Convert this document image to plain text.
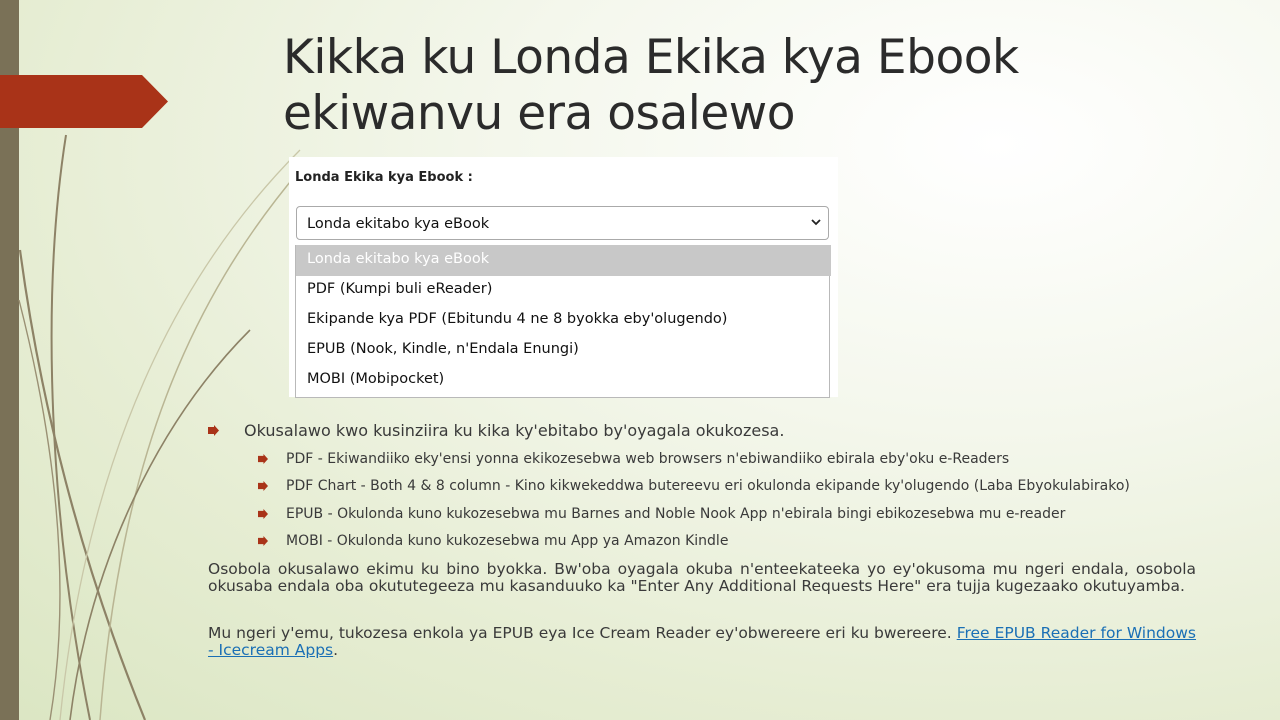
Kikka ku Londa Ekika kya Ebook
ekiwanvu era osalewo
Londa Ekika kya Ebook :
Londa ekitabo kya eBook
Londa ekitabo kya eBook
PDF (Kumpi buli eReader)
Ekipande kya PDF (Ebitundu 4 ne 8 byokka eby'olugendo)
EPUB (Nook, Kindle, n'Endala Enungi)
MOBI (Mobipocket)
Okusalawo kwo kusinziira ku kika ky'ebitabo by'oyagala okukozesa.
PDF - Ekiwandiiko eky'ensi yonna ekikozesebwa web browsers n'ebiwandiiko ebirala eby'oku e-Readers
PDF Chart - Both 4 & 8 column - Kino kikwekeddwa butereevu eri okulonda ekipande ky'olugendo (Laba Ebyokulabirako)
EPUB - Okulonda kuno kukozesebwa mu Barnes and Noble Nook App n'ebirala bingi ebikozesebwa mu e-reader
MOBI - Okulonda kuno kukozesebwa mu App ya Amazon Kindle
Osobola okusalawo ekimu ku bino byokka. Bw'oba oyagala okuba n'enteekateeka yo ey'okusoma mu ngeri endala, osobola okusaba endala oba okututegeeza mu kasanduuko ka "Enter Any Additional Requests Here" era tujja kugezaako okutuyamba.
Mu ngeri y'emu, tukozesa enkola ya EPUB eya Ice Cream Reader ey'obwereere eri ku bwereere. Free EPUB Reader for Windows - Icecream Apps.
